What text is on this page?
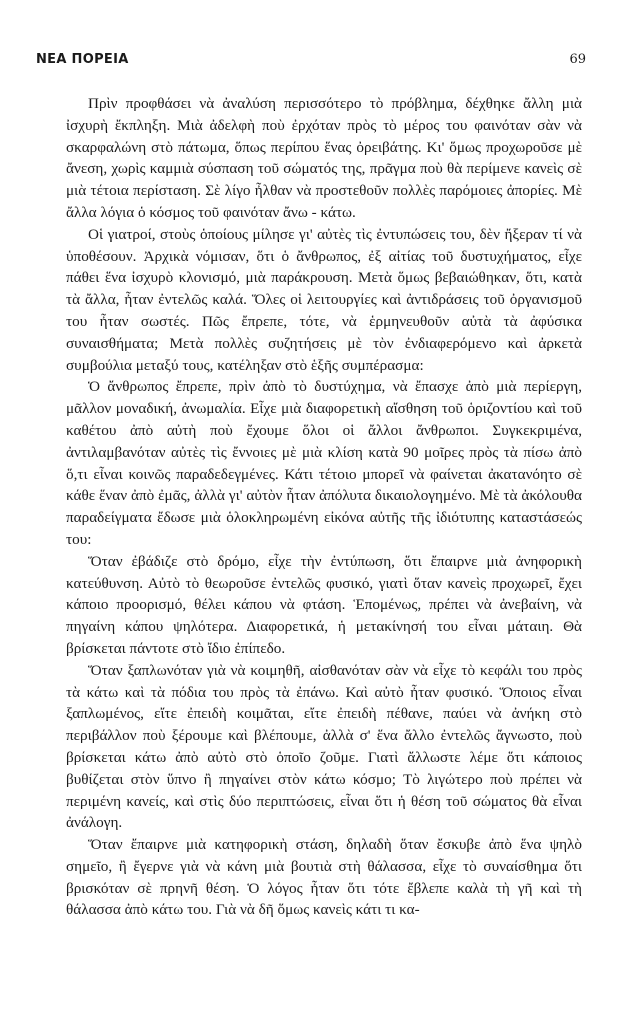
ΝΕΑ ΠΟΡΕΙΑ	69

Πρὶν προφθάσει νὰ ἀναλύση περισσότερο τὸ πρόβλημα, δέχθηκε ἄλλη μιὰ ἰσχυρὴ ἔκπληξη. Μιὰ ἀδελφὴ ποὺ ἐρχόταν πρὸς τὸ μέρος του φαινόταν σὰν νὰ σκαρφαλώνη στὸ πάτωμα, ὅπως περίπου ἕνας ὀρειβάτης. Κι' ὅμως προχωροῦσε μὲ ἄνεση, χωρὶς καμμιὰ σύσπαση τοῦ σώματός της, πρᾶγμα ποὺ θὰ περίμενε κανεὶς σὲ μιὰ τέτοια περίσταση. Σὲ λίγο ἦλθαν νὰ προστεθοῦν πολλὲς παρόμοιες ἀπορίες. Μὲ ἄλλα λόγια ὁ κόσμος τοῦ φαινόταν ἄνω - κάτω.

Οἱ γιατροί, στοὺς ὁποίους μίλησε γι' αὐτὲς τὶς ἐντυπώσεις του, δὲν ἤξεραν τί νὰ ὑποθέσουν. Ἀρχικὰ νόμισαν, ὅτι ὁ ἄνθρωπος, ἐξ αἰτίας τοῦ δυστυχήματος, εἶχε πάθει ἕνα ἰσχυρὸ κλονισμό, μιὰ παράκρουση. Μετὰ ὅμως βεβαιώθηκαν, ὅτι, κατὰ τὰ ἄλλα, ἦταν ἐντελῶς καλά. Ὅλες οἱ λειτουργίες καὶ ἀντιδράσεις τοῦ ὀργανισμοῦ του ἦταν σωστές. Πῶς ἔπρεπε, τότε, νὰ ἑρμηνευθοῦν αὐτὰ τὰ ἀφύσικα συναισθήματα; Μετὰ πολλὲς συζητήσεις μὲ τὸν ἐνδιαφερόμενο καὶ ἀρκετὰ συμβούλια μεταξύ τους, κατέληξαν στὸ ἑξῆς συμπέρασμα:

Ὁ ἄνθρωπος ἔπρεπε, πρὶν ἀπὸ τὸ δυστύχημα, νὰ ἔπασχε ἀπὸ μιὰ περίεργη, μᾶλλον μοναδική, ἀνωμαλία. Εἶχε μιὰ διαφορετικὴ αἴσθηση τοῦ ὁριζοντίου καὶ τοῦ καθέτου ἀπὸ αὐτὴ ποὺ ἔχουμε ὅλοι οἱ ἄλλοι ἄνθρωποι. Συγκεκριμένα, ἀντιλαμβανόταν αὐτὲς τὶς ἔννοιες μὲ μιὰ κλίση κατὰ 90 μοῖρες πρὸς τὰ πίσω ἀπὸ ὅ,τι εἶναι κοινῶς παραδεδεγμένες. Κάτι τέτοιο μπορεῖ νὰ φαίνεται ἀκατανόητο σὲ κάθε ἕναν ἀπὸ ἐμᾶς, ἀλλὰ γι' αὐτὸν ἦταν ἀπόλυτα δικαιολογημένο. Μὲ τὰ ἀκόλουθα παραδείγματα ἔδωσε μιὰ ὁλοκληρωμένη εἰκόνα αὐτῆς τῆς ἰδιότυπης καταστάσεώς του:

Ὅταν ἐβάδιζε στὸ δρόμο, εἶχε τὴν ἐντύπωση, ὅτι ἔπαιρνε μιὰ ἀνηφορικὴ κατεύθυνση. Αὐτὸ τὸ θεωροῦσε ἐντελῶς φυσικό, γιατὶ ὅταν κανεὶς προχωρεῖ, ἔχει κάποιο προορισμό, θέλει κάπου νὰ φτάση. Ἑπομένως, πρέπει νὰ ἀνεβαίνη, νὰ πηγαίνη κάπου ψηλότερα. Διαφορετικά, ἡ μετακίνησή του εἶναι μάταιη. Θὰ βρίσκεται πάντοτε στὸ ἴδιο ἐπίπεδο.

Ὅταν ξαπλωνόταν γιὰ νὰ κοιμηθῆ, αἰσθανόταν σὰν νὰ εἶχε τὸ κεφάλι του πρὸς τὰ κάτω καὶ τὰ πόδια του πρὸς τὰ ἐπάνω. Καὶ αὐτὸ ἦταν φυσικό. Ὅποιος εἶναι ξαπλωμένος, εἴτε ἐπειδὴ κοιμᾶται, εἴτε ἐπειδὴ πέθανε, παύει νὰ ἀνήκη στὸ περιβάλλον ποὺ ξέρουμε καὶ βλέπουμε, ἀλλὰ σ' ἕνα ἄλλο ἐντελῶς ἄγνωστο, ποὺ βρίσκεται κάτω ἀπὸ αὐτὸ στὸ ὁποῖο ζοῦμε. Γιατὶ ἄλλωστε λέμε ὅτι κάποιος βυθίζεται στὸν ὕπνο ἢ πηγαίνει στὸν κάτω κόσμο; Τὸ λιγώτερο ποὺ πρέπει νὰ περιμένη κανείς, καὶ στὶς δύο περιπτώσεις, εἶναι ὅτι ἡ θέση τοῦ σώματος θὰ εἶναι ἀνάλογη.

Ὅταν ἔπαιρνε μιὰ κατηφορικὴ στάση, δηλαδὴ ὅταν ἔσκυβε ἀπὸ ἕνα ψηλὸ σημεῖο, ἢ ἔγερνε γιὰ νὰ κάνη μιὰ βουτιὰ στὴ θάλασσα, εἶχε τὸ συναίσθημα ὅτι βρισκόταν σὲ πρηνῆ θέση. Ὁ λόγος ἦταν ὅτι τότε ἔβλεπε καλὰ τὴ γῆ καὶ τὴ θάλασσα ἀπὸ κάτω του. Γιὰ νὰ δῆ ὅμως κανεὶς κάτι τι κα-
